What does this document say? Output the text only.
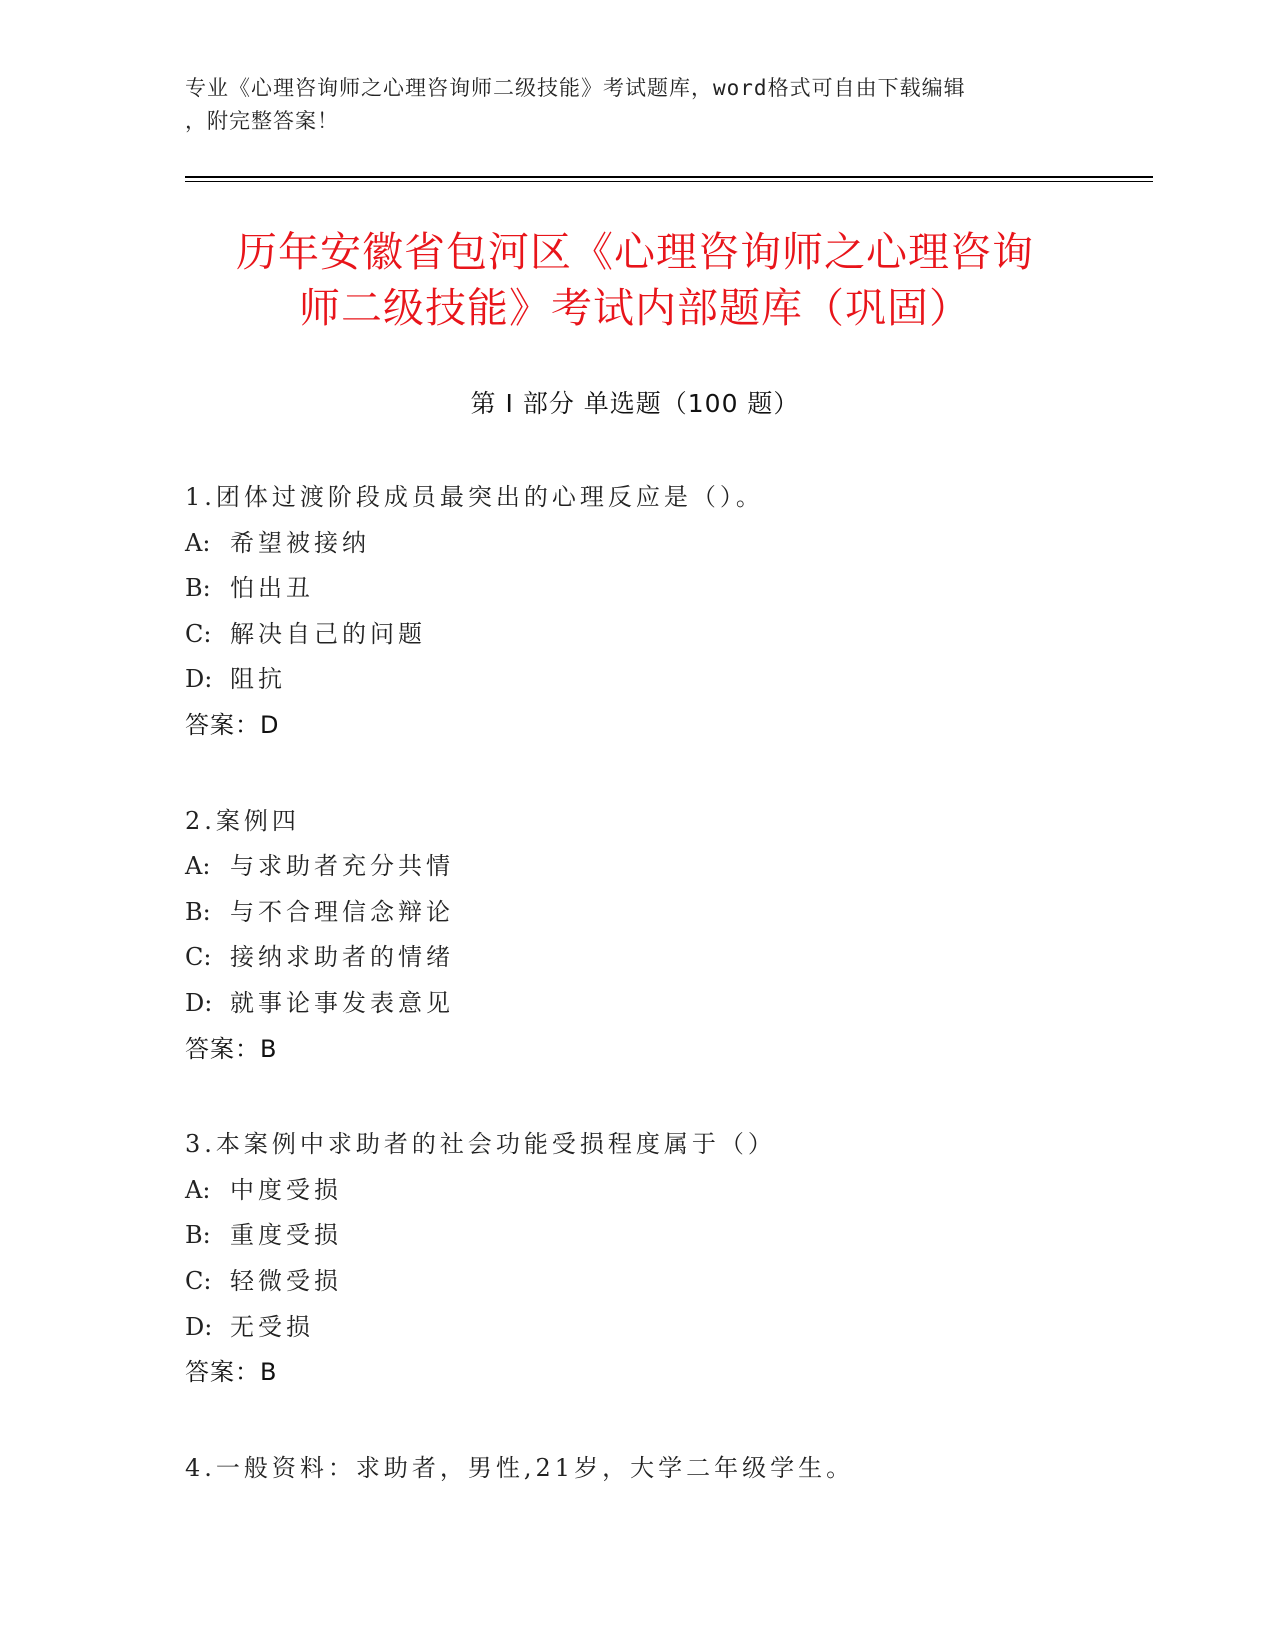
专业《心理咨询师之心理咨询师二级技能》考试题库，word格式可自由下载编辑
，附完整答案！
历年安徽省包河区《心理咨询师之心理咨询
师二级技能》考试内部题库（巩固）
第 I 部分 单选题（100 题）
1.团体过渡阶段成员最突出的心理反应是（）。
A: 希望被接纳
B: 怕出丑
C: 解决自己的问题
D: 阻抗
答案：D
2.案例四
A: 与求助者充分共情
B: 与不合理信念辩论
C: 接纳求助者的情绪
D: 就事论事发表意见
答案：B
3.本案例中求助者的社会功能受损程度属于（）
A: 中度受损
B: 重度受损
C: 轻微受损
D: 无受损
答案：B
4.一般资料：求助者，男性,21岁，大学二年级学生。
